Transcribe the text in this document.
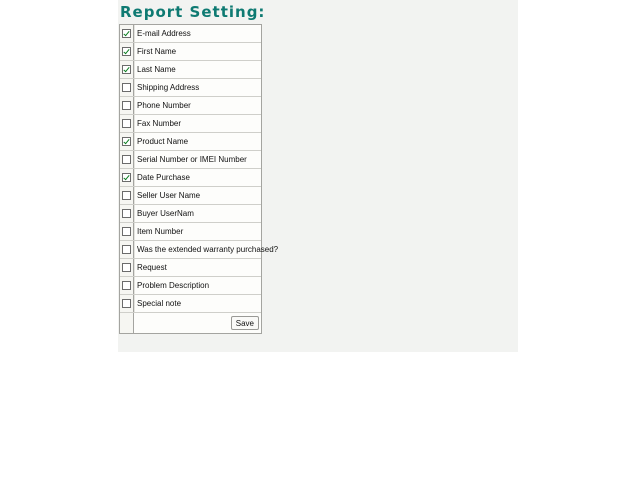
Report Setting:
E-mail Address
First Name
Last Name
Shipping Address
Phone Number
Fax Number
Product Name
Serial Number or IMEI Number
Date Purchase
Seller User Name
Buyer UserNam
Item Number
Was the extended warranty purchased?
Request
Problem Description
Special note
Save
